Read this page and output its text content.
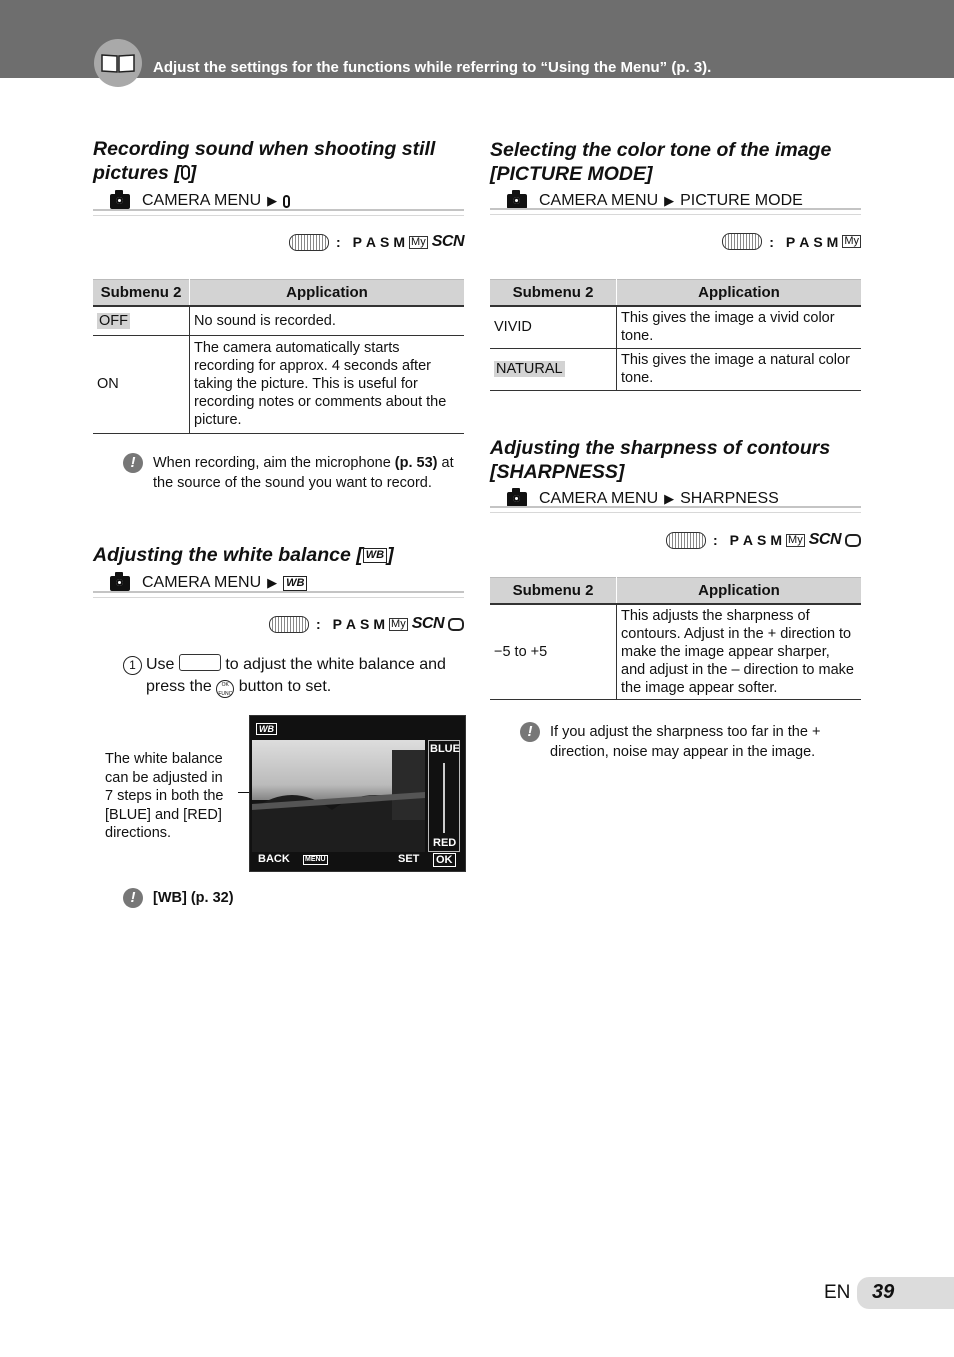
Adjust the settings for the functions while referring to “Using the Menu” (p. 3).
Recording sound when shooting still pictures [ ]
CAMERA MENU ▶
:
P A S M My SCN
Submenu 2	Application
OFF	No sound is recorded.
ON	The camera automatically starts recording for approx. 4 seconds after taking the picture. This is useful for recording notes or comments about the picture.
!	When recording, aim the microphone (p. 53) at the source of the sound you want to record.
Adjusting the white balance [ WB ]
CAMERA MENU ▶ WB
:
P A S M My SCN
1 Use	to adjust the white balance and press the OK FUNC button to set.
The white balance can be adjusted in 7 steps in both the [BLUE] and [RED] directions.
WB
BLUE
RED
BACK MENU	SET OK
!	[WB] (p. 32)
Selecting the color tone of the image [PICTURE MODE]
CAMERA MENU ▶ PICTURE MODE
:
P A S M My
Submenu 2	Application
VIVID	This gives the image a vivid color tone.
NATURAL	This gives the image a natural color tone.
Adjusting the sharpness of contours [SHARPNESS]
CAMERA MENU ▶ SHARPNESS
:
P A S M My SCN
Submenu 2	Application
−5 to +5	This adjusts the sharpness of contours. Adjust in the + direction to make the image appear sharper, and adjust in the – direction to make the image appear softer.
!	If you adjust the sharpness too far in the + direction, noise may appear in the image.
EN 39
